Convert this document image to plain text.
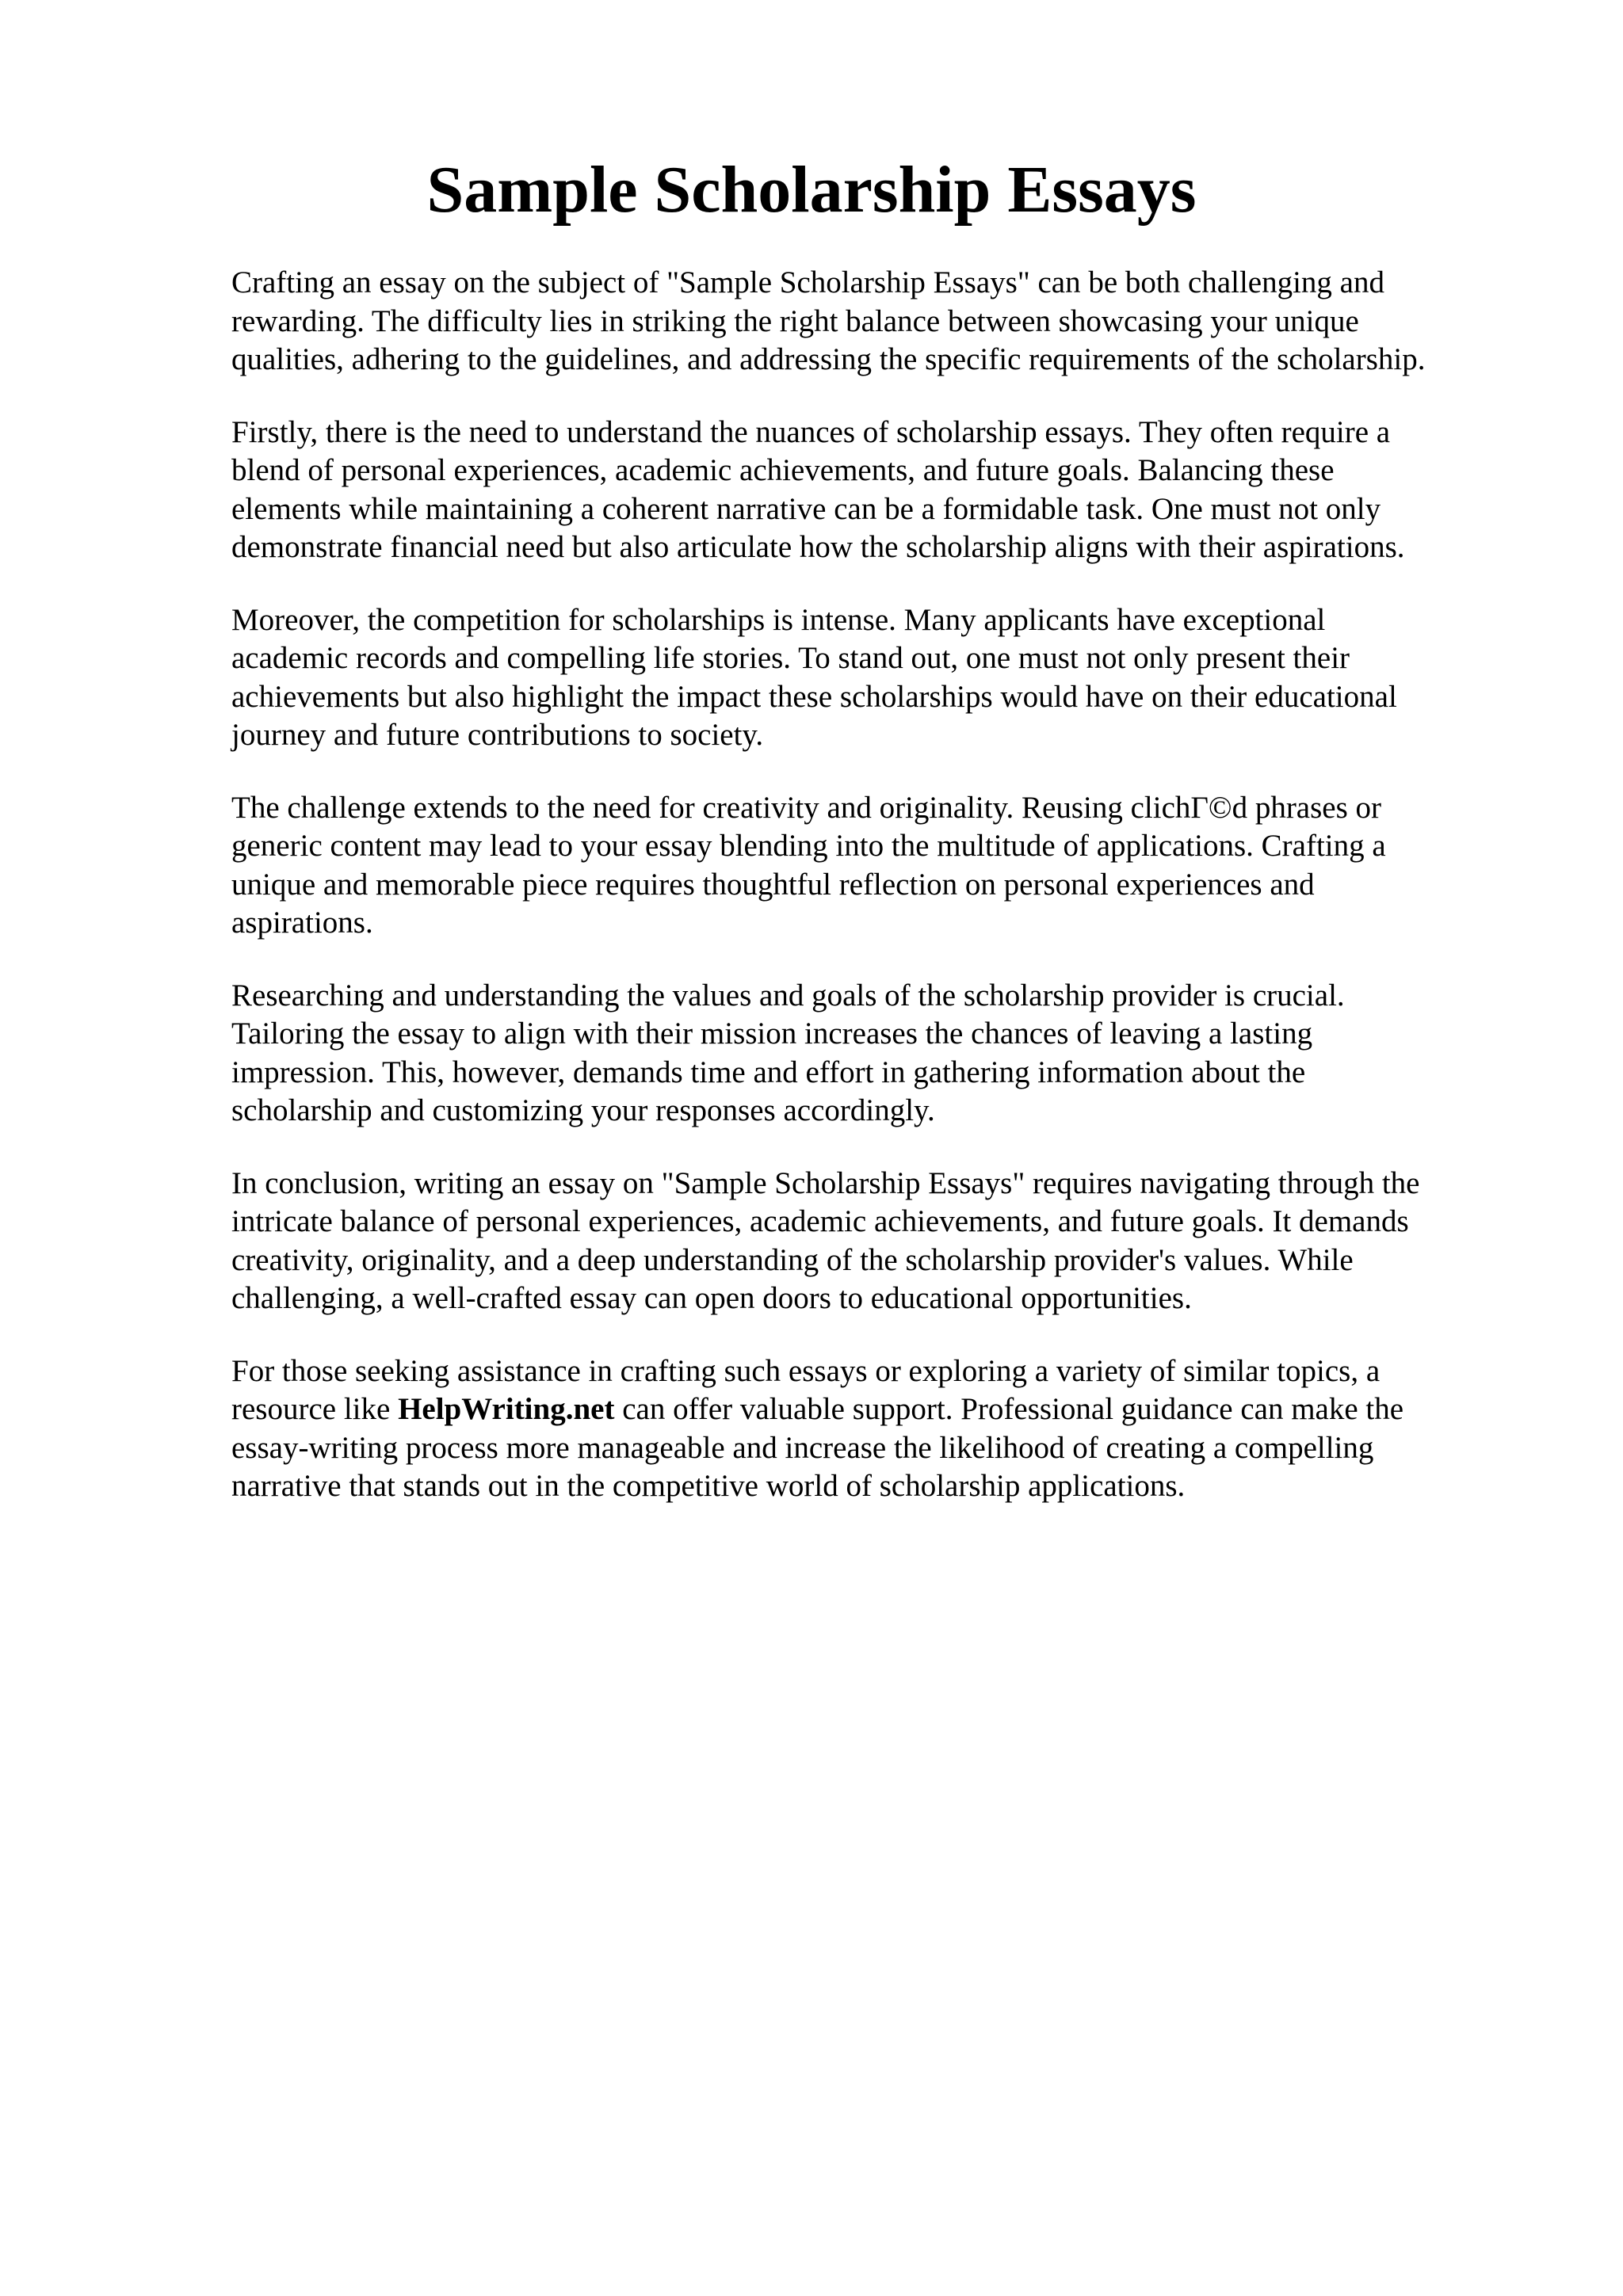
Sample Scholarship Essays

Crafting an essay on the subject of "Sample Scholarship Essays" can be both challenging and
rewarding. The difficulty lies in striking the right balance between showcasing your unique
qualities, adhering to the guidelines, and addressing the specific requirements of the scholarship.

Firstly, there is the need to understand the nuances of scholarship essays. They often require a
blend of personal experiences, academic achievements, and future goals. Balancing these
elements while maintaining a coherent narrative can be a formidable task. One must not only
demonstrate financial need but also articulate how the scholarship aligns with their aspirations.

Moreover, the competition for scholarships is intense. Many applicants have exceptional
academic records and compelling life stories. To stand out, one must not only present their
achievements but also highlight the impact these scholarships would have on their educational
journey and future contributions to society.

The challenge extends to the need for creativity and originality. Reusing clichГ©d phrases or
generic content may lead to your essay blending into the multitude of applications. Crafting a
unique and memorable piece requires thoughtful reflection on personal experiences and
aspirations.

Researching and understanding the values and goals of the scholarship provider is crucial.
Tailoring the essay to align with their mission increases the chances of leaving a lasting
impression. This, however, demands time and effort in gathering information about the
scholarship and customizing your responses accordingly.

In conclusion, writing an essay on "Sample Scholarship Essays" requires navigating through the
intricate balance of personal experiences, academic achievements, and future goals. It demands
creativity, originality, and a deep understanding of the scholarship provider's values. While
challenging, a well-crafted essay can open doors to educational opportunities.

For those seeking assistance in crafting such essays or exploring a variety of similar topics, a
resource like HelpWriting.net can offer valuable support. Professional guidance can make the
essay-writing process more manageable and increase the likelihood of creating a compelling
narrative that stands out in the competitive world of scholarship applications.
